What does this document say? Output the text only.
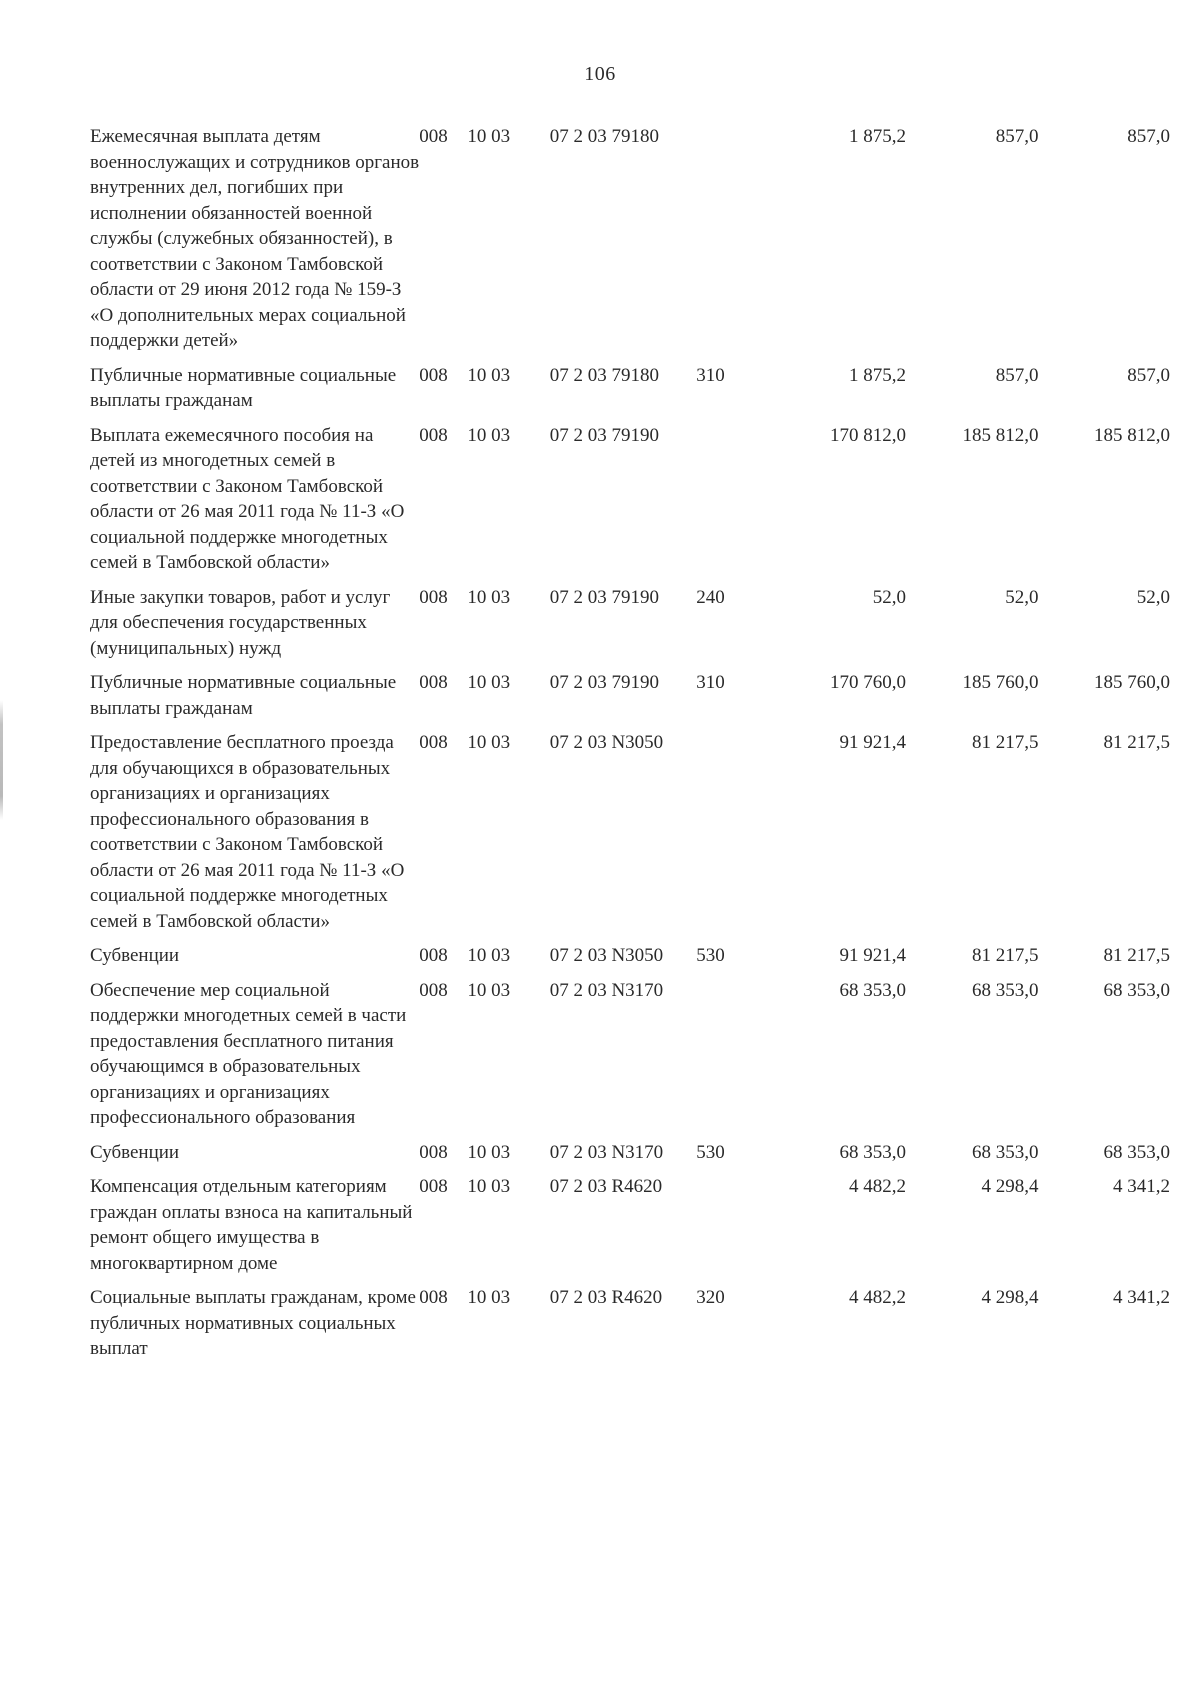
106
Ежемесячная выплата детям военнослужащих и сотрудников органов внутренних дел, погибших при исполнении обязанностей военной службы (служебных обязанностей), в соответствии с Законом Тамбовской области от 29 июня 2012 года № 159-З «О дополнительных мерах социальной поддержки детей»	008	10 03	07 2 03 79180		1 875,2	857,0	857,0
Публичные нормативные социальные выплаты гражданам	008	10 03	07 2 03 79180	310	1 875,2	857,0	857,0
Выплата ежемесячного пособия на детей из многодетных семей в соответствии с Законом Тамбовской области от 26 мая 2011 года № 11-З «О социальной поддержке многодетных семей в Тамбовской области»	008	10 03	07 2 03 79190		170 812,0	185 812,0	185 812,0
Иные закупки товаров, работ и услуг для обеспечения государственных (муниципальных) нужд	008	10 03	07 2 03 79190	240	52,0	52,0	52,0
Публичные нормативные социальные выплаты гражданам	008	10 03	07 2 03 79190	310	170 760,0	185 760,0	185 760,0
Предоставление бесплатного проезда для обучающихся в образовательных организациях и организациях профессионального образования в соответствии с Законом Тамбовской области от 26 мая 2011 года № 11-З «О социальной поддержке многодетных семей в Тамбовской области»	008	10 03	07 2 03 N3050		91 921,4	81 217,5	81 217,5
Субвенции	008	10 03	07 2 03 N3050	530	91 921,4	81 217,5	81 217,5
Обеспечение мер социальной поддержки многодетных семей в части предоставления бесплатного питания обучающимся в образовательных организациях и организациях профессионального образования	008	10 03	07 2 03 N3170		68 353,0	68 353,0	68 353,0
Субвенции	008	10 03	07 2 03 N3170	530	68 353,0	68 353,0	68 353,0
Компенсация отдельным категориям граждан оплаты взноса на капитальный ремонт общего имущества в многоквартирном доме	008	10 03	07 2 03 R4620		4 482,2	4 298,4	4 341,2
Социальные выплаты гражданам, кроме публичных нормативных социальных выплат	008	10 03	07 2 03 R4620	320	4 482,2	4 298,4	4 341,2
